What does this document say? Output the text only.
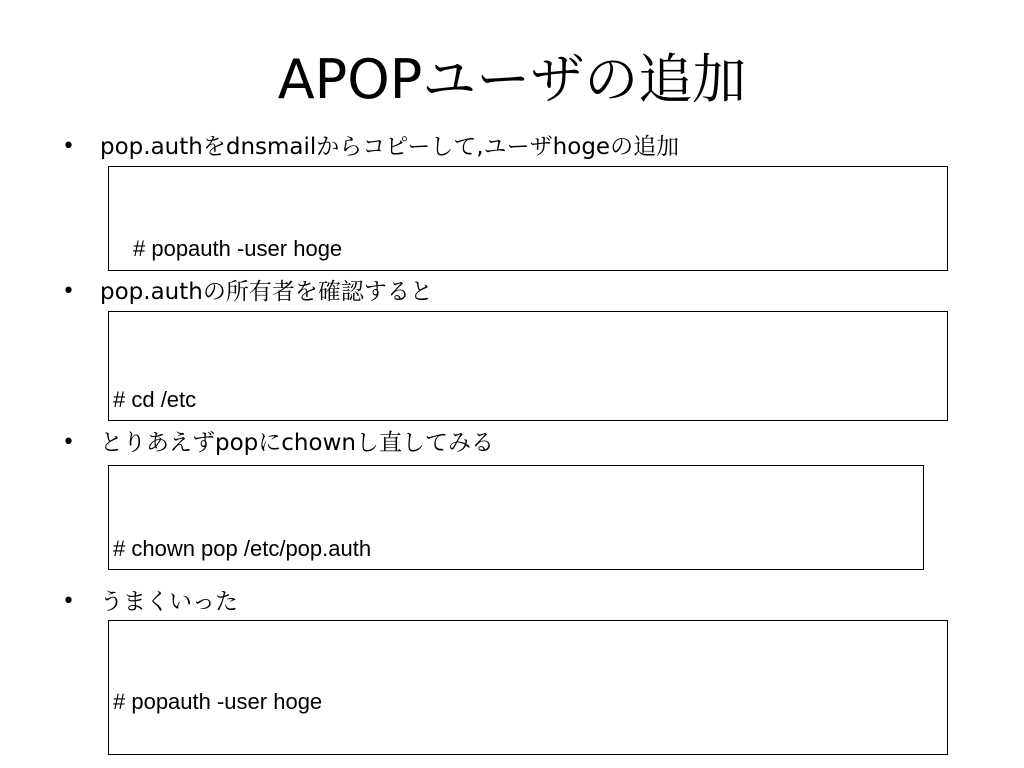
APOPユーザの追加
•	pop.authをdnsmailからコピーして,ユーザhogeの追加

# popauth -user hoge

•	pop.authの所有者を確認すると

# cd /etc

•	とりあえずpopにchownし直してみる

# chown pop /etc/pop.auth

•	うまくいった

# popauth -user hoge
